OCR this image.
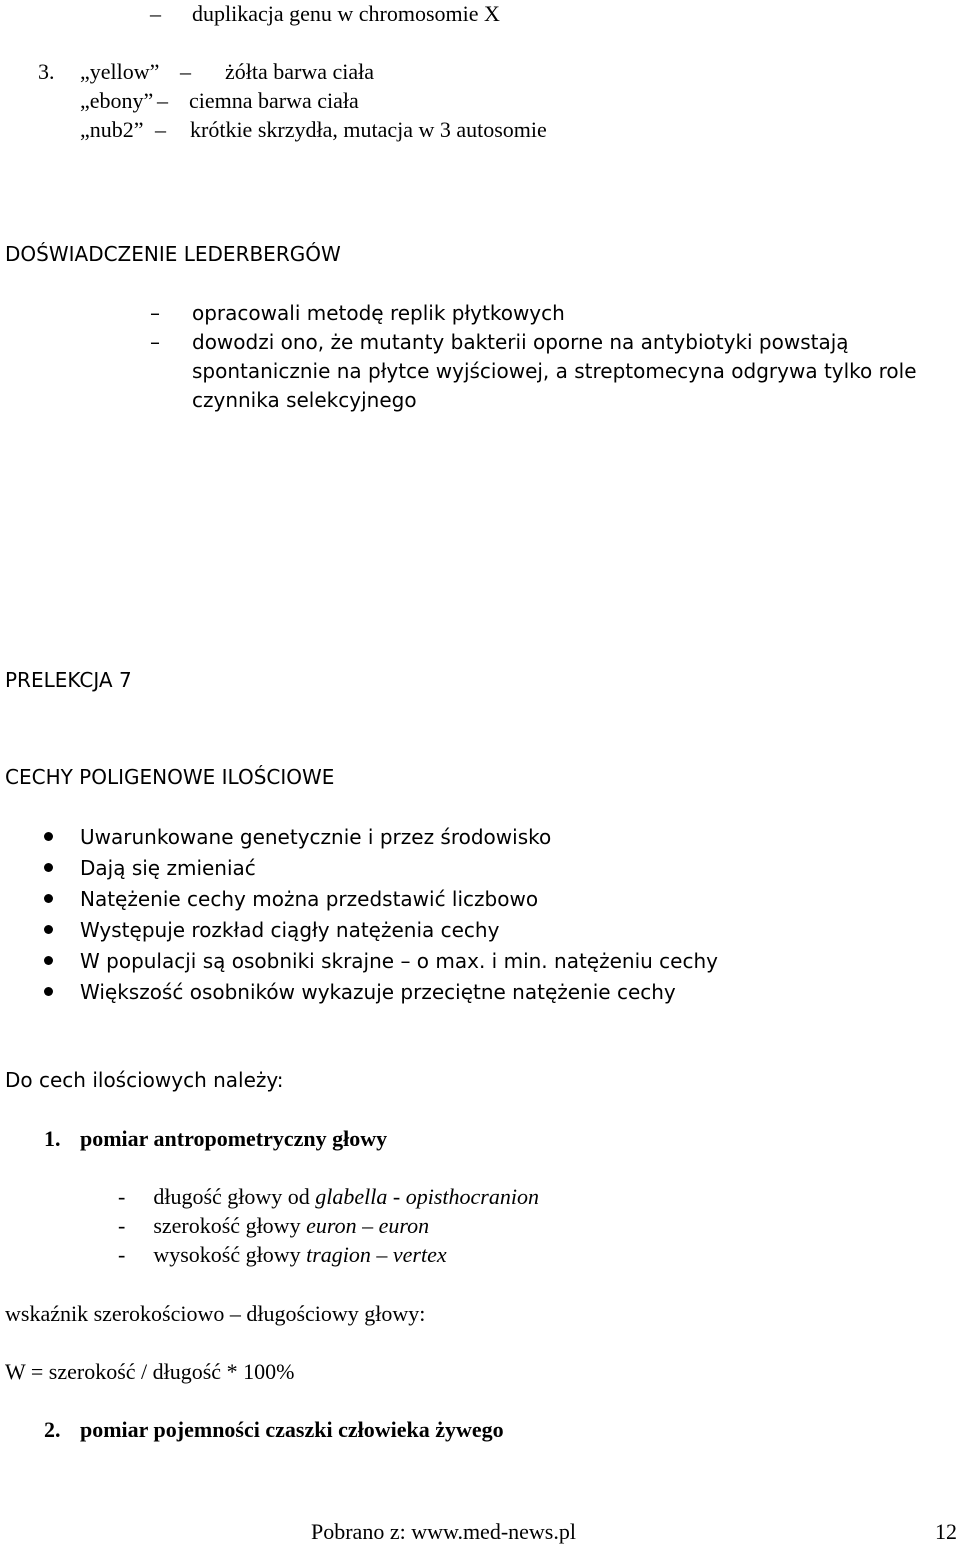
– duplikacja genu w chromosomie X
3. „yellow” – żółta barwa ciała
„ebony” – ciemna barwa ciała
„nub2” – krótkie skrzydła, mutacja w 3 autosomie
DOŚWIADCZENIE LEDERBERGÓW
– opracowali metodę replik płytkowych
– dowodzi ono, że mutanty bakterii oporne na antybiotyki powstają
spontanicznie na płytce wyjściowej, a streptomecyna odgrywa tylko role
czynnika selekcyjnego
PRELEKCJA 7
CECHY POLIGENOWE ILOŚCIOWE
Uwarunkowane genetycznie i przez środowisko
Dają się zmieniać
Natężenie cechy można przedstawić liczbowo
Występuje rozkład ciągły natężenia cechy
W populacji są osobniki skrajne – o max. i min. natężeniu cechy
Większość osobników wykazuje przeciętne natężenie cechy
Do cech ilościowych należy:
1. pomiar antropometryczny głowy
- długość głowy od glabella - opisthocranion
- szerokość głowy euron – euron
- wysokość głowy tragion – vertex
wskaźnik szerokościowo – długościowy głowy:
W = szerokość / długość * 100%
2. pomiar pojemności czaszki człowieka żywego
Pobrano z: www.med-news.pl	12
